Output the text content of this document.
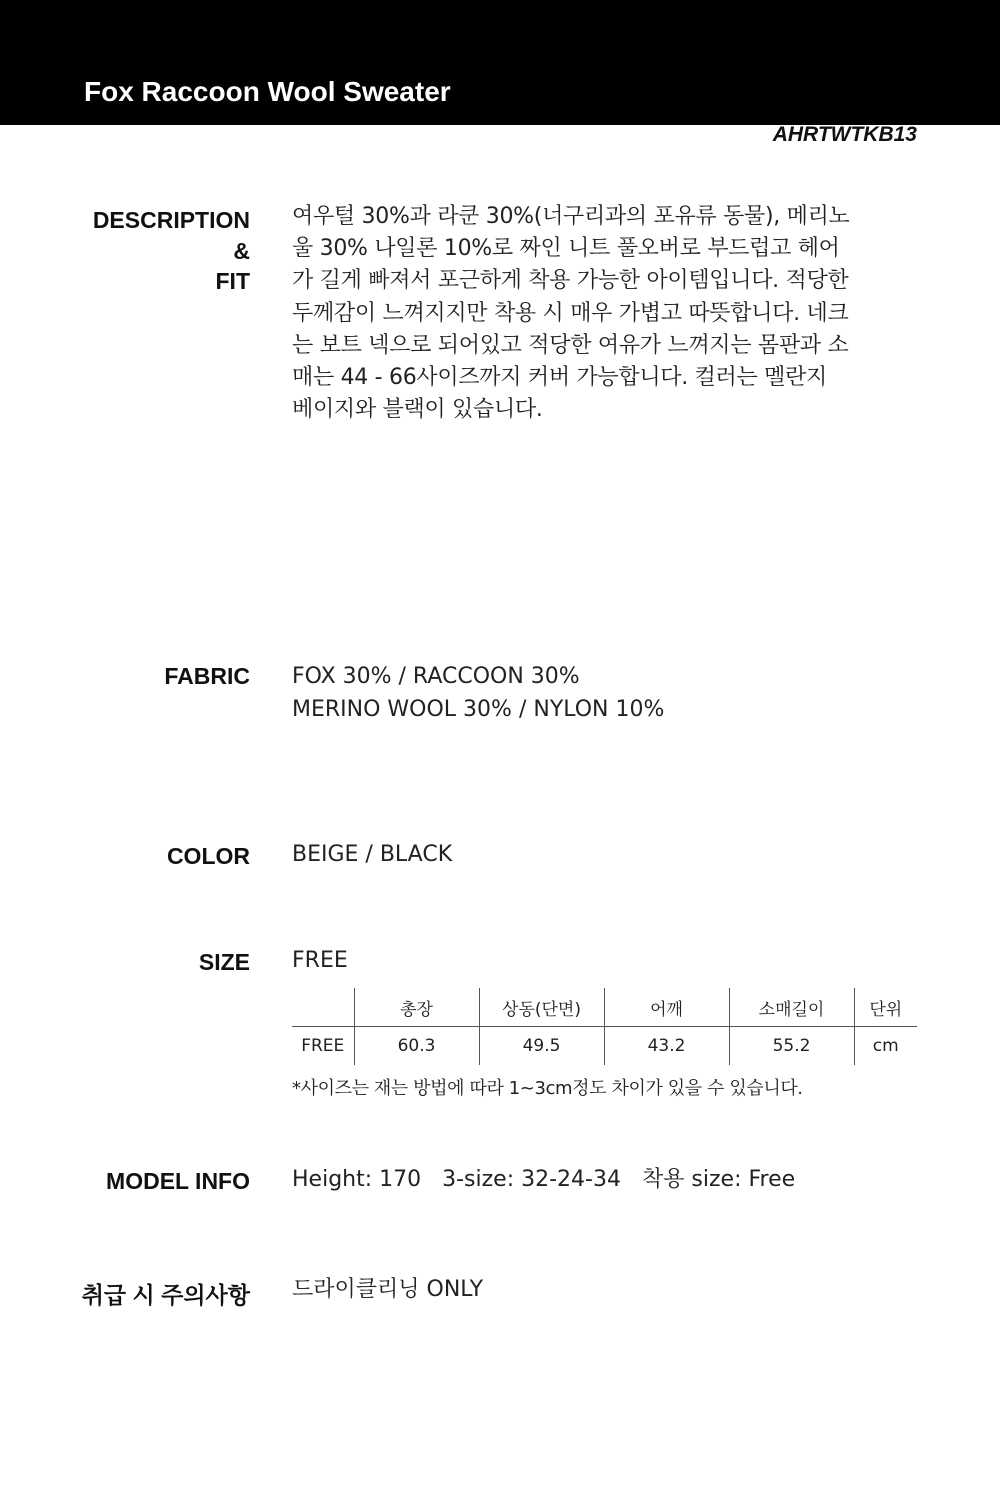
Fox Raccoon Wool Sweater
AHRTWTKB13
DESCRIPTION
&
FIT
여우털 30%과 라쿤 30%(너구리과의 포유류 동물), 메리노
울 30% 나일론 10%로 짜인 니트 풀오버로 부드럽고 헤어
가 길게 빠져서 포근하게 착용 가능한 아이템입니다. 적당한
두께감이 느껴지지만 착용 시 매우 가볍고 따뜻합니다. 네크
는 보트 넥으로 되어있고 적당한 여유가 느껴지는 몸판과 소
매는 44 - 66사이즈까지 커버 가능합니다. 컬러는 멜란지
베이지와 블랙이 있습니다.
FABRIC FOX 30% / RACCOON 30%
MERINO WOOL 30% / NYLON 10%
COLOR BEIGE / BLACK
SIZE FREE
	총장	상동(단면)	어깨	소매길이	단위
FREE	60.3	49.5	43.2	55.2	cm
*사이즈는 재는 방법에 따라 1~3cm정도 차이가 있을 수 있습니다.
MODEL INFO Height: 170   3-size: 32-24-34   착용 size: Free
취급 시 주의사항 드라이클리닝 ONLY
